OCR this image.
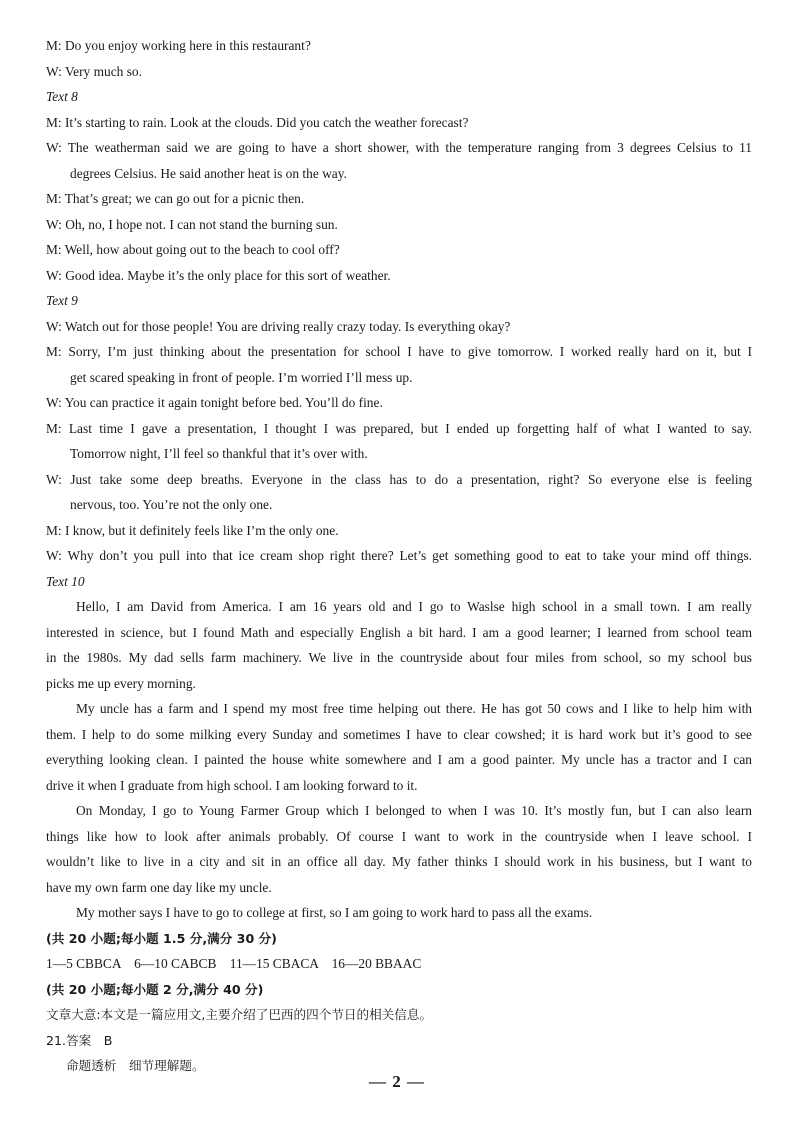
M: Do you enjoy working here in this restaurant?
W: Very much so.
Text 8
M: It’s starting to rain. Look at the clouds. Did you catch the weather forecast?
W: The weatherman said we are going to have a short shower, with the temperature ranging from 3 degrees Celsius to 11
degrees Celsius. He said another heat is on the way.
M: That’s great; we can go out for a picnic then.
W: Oh, no, I hope not. I can not stand the burning sun.
M: Well, how about going out to the beach to cool off?
W: Good idea. Maybe it’s the only place for this sort of weather.
Text 9
W: Watch out for those people! You are driving really crazy today. Is everything okay?
M: Sorry, I’m just thinking about the presentation for school I have to give tomorrow. I worked really hard on it, but I
get scared speaking in front of people. I’m worried I’ll mess up.
W: You can practice it again tonight before bed. You’ll do fine.
M: Last time I gave a presentation, I thought I was prepared, but I ended up forgetting half of what I wanted to say.
Tomorrow night, I’ll feel so thankful that it’s over with.
W: Just take some deep breaths. Everyone in the class has to do a presentation, right? So everyone else is feeling
nervous, too. You’re not the only one.
M: I know, but it definitely feels like I’m the only one.
W: Why don’t you pull into that ice cream shop right there? Let’s get something good to eat to take your mind off things.
Text 10
Hello, I am David from America. I am 16 years old and I go to Waslse high school in a small town. I am really
interested in science, but I found Math and especially English a bit hard. I am a good learner; I learned from school team
in the 1980s. My dad sells farm machinery. We live in the countryside about four miles from school, so my school bus
picks me up every morning.
My uncle has a farm and I spend my most free time helping out there. He has got 50 cows and I like to help him with
them. I help to do some milking every Sunday and sometimes I have to clear cowshed; it is hard work but it’s good to see
everything looking clean. I painted the house white somewhere and I am a good painter. My uncle has a tractor and I can
drive it when I graduate from high school. I am looking forward to it.
On Monday, I go to Young Farmer Group which I belonged to when I was 10. It’s mostly fun, but I can also learn
things like how to look after animals probably. Of course I want to work in the countryside when I leave school. I
wouldn’t like to live in a city and sit in an office all day. My father thinks I should work in his business, but I want to
have my own farm one day like my uncle.
My mother says I have to go to college at first, so I am going to work hard to pass all the exams.
(共 20 小题;每小题 1.5 分,满分 30 分)
1—5 CBBCA　6—10 CABCB　11—15 CBACA　16—20 BBAAC
(共 20 小题;每小题 2 分,满分 40 分)
文章大意:本文是一篇应用文,主要介绍了巴西的四个节日的相关信息。
21.答案　B
命题透析　细节理解题。
— 2 —
